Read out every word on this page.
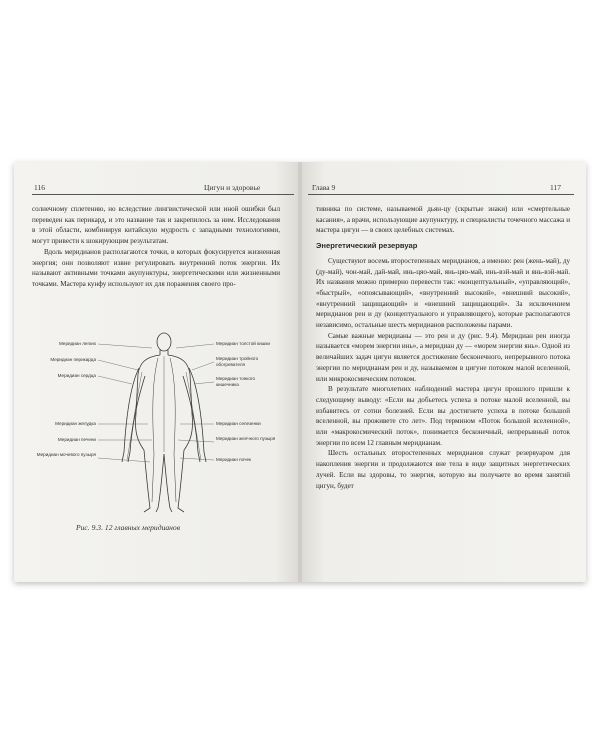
116	Цигун и здоровье

солнечному сплетению, но вследствие лингвистической или иной ошибки был переведен как перикард, и это название так и закрепилось за ним. Исследования в этой области, комбинируя китайскую мудрость с западными технологиями, могут привести к шокирующим результатам.

Вдоль меридианов располагаются точки, в которых фокусируется жизненная энергия; они позволяют извне регулировать внутренний поток энергии. Их называют активными точками акупунктуры, энергетическими или жизненными точками. Мастера кунфу используют их для поражения своего про-

Меридиан легких
Меридиан перикарда
Меридиан сердца
Меридиан желудка
Меридиан печени
Меридиан мочевого пузыря
Меридиан толстой кишки
Меридиан тройного обогревателя
Меридиан тонкого кишечника
Меридиан селезенки
Меридиан желчного пузыря
Меридиан почек
Рис. 9.3. 12 главных меридианов
Глава 9	117

тивника по системе, называемой дьян-цу (скрытые знаки) или «смертельные касания», а врачи, использующие акупунктуру, и специалисты точечного массажа и мастера цигун — в своих целебных системах.

Энергетический резервуар

Существуют восемь второстепенных меридианов, а именно: рен (жень-май), ду (ду-май), чон-май, дай-май, инь-цяо-май, янь-цяо-май, инь-вэй-май и янь-вэй-май. Их названия можно примерно перевести так: «концептуальный», «управляющий», «быстрый», «опоясывающий», «внутренний высокий», «внешний высокий», «внутренний защищающий» и «внешний защищающий». За исключением меридианов рен и ду (концептуального и управляющего), которые располагаются независимо, остальные шесть меридианов расположены парами.

Самые важные меридианы — это рен и ду (рис. 9.4). Меридиан рен иногда называется «морем энергии инь», а меридиан ду — «морем энергии янь». Одной из величайших задач цигун является достижение бесконечного, непрерывного потока энергии по меридианам рен и ду, называемом в цигуне потоком малой вселенной, или микрокосмическим потоком.

В результате многолетних наблюдений мастера цигун прошлого пришли к следующему выводу: «Если вы добьетесь успеха в потоке малой вселенной, вы избавитесь от сотни болезней. Если вы достигнете успеха в потоке большой вселенной, вы проживете сто лет». Под термином «Поток большой вселенной», или «макрокосмический поток», понимается бесконечный, непрерывный поток энергии по всем 12 главным меридианам.

Шесть остальных второстепенных меридианов служат резервуаром для накопления энергии и продолжаются вне тела в виде защитных энергетических лучей. Если вы здоровы, то энергия, которую вы получаете во время занятий цигун, будет
